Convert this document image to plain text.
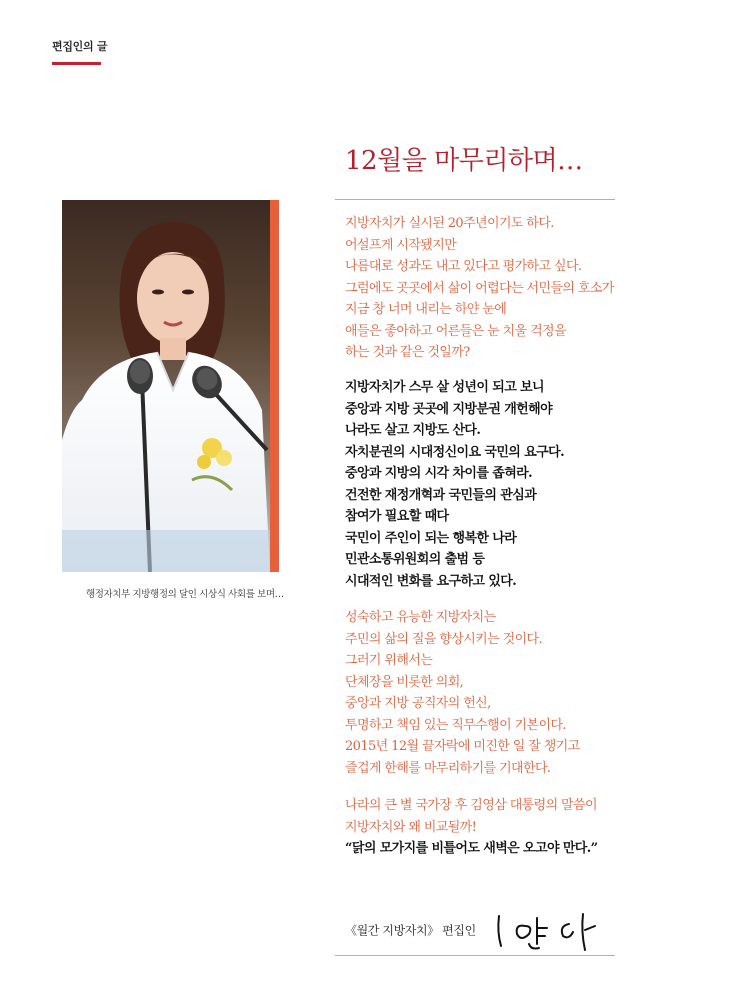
편집인의 글
행정자치부 지방행정의 달인 시상식 사회를 보며…
12월을 마무리하며…
지방자치가 실시된 20주년이기도 하다.
어설프게 시작됐지만
나름대로 성과도 내고 있다고 평가하고 싶다.
그럼에도 곳곳에서 삶이 어렵다는 서민들의 호소가
지금 창 너머 내리는 하얀 눈에
애들은 좋아하고 어른들은 눈 치울 걱정을
하는 것과 같은 것일까?
지방자치가 스무 살 성년이 되고 보니
중앙과 지방 곳곳에 지방분권 개헌해야
나라도 살고 지방도 산다.
자치분권의 시대정신이요 국민의 요구다.
중앙과 지방의 시각 차이를 좁혀라.
건전한 재정개혁과 국민들의 관심과
참여가 필요할 때다
국민이 주인이 되는 행복한 나라
민관소통위원회의 출범 등
시대적인 변화를 요구하고 있다.
성숙하고 유능한 지방자치는
주민의 삶의 질을 향상시키는 것이다.
그러기 위해서는
단체장을 비롯한 의회,
중앙과 지방 공직자의 헌신,
투명하고 책임 있는 직무수행이 기본이다.
2015년 12월 끝자락에 미진한 일 잘 챙기고
즐겁게 한해를 마무리하기를 기대한다.
나라의 큰 별 국가장 후 김영삼 대통령의 말씀이
지방자치와 왜 비교될까!
“닭의 모가지를 비틀어도 새벽은 오고야 만다.”
《월간 지방자치》 편집인
